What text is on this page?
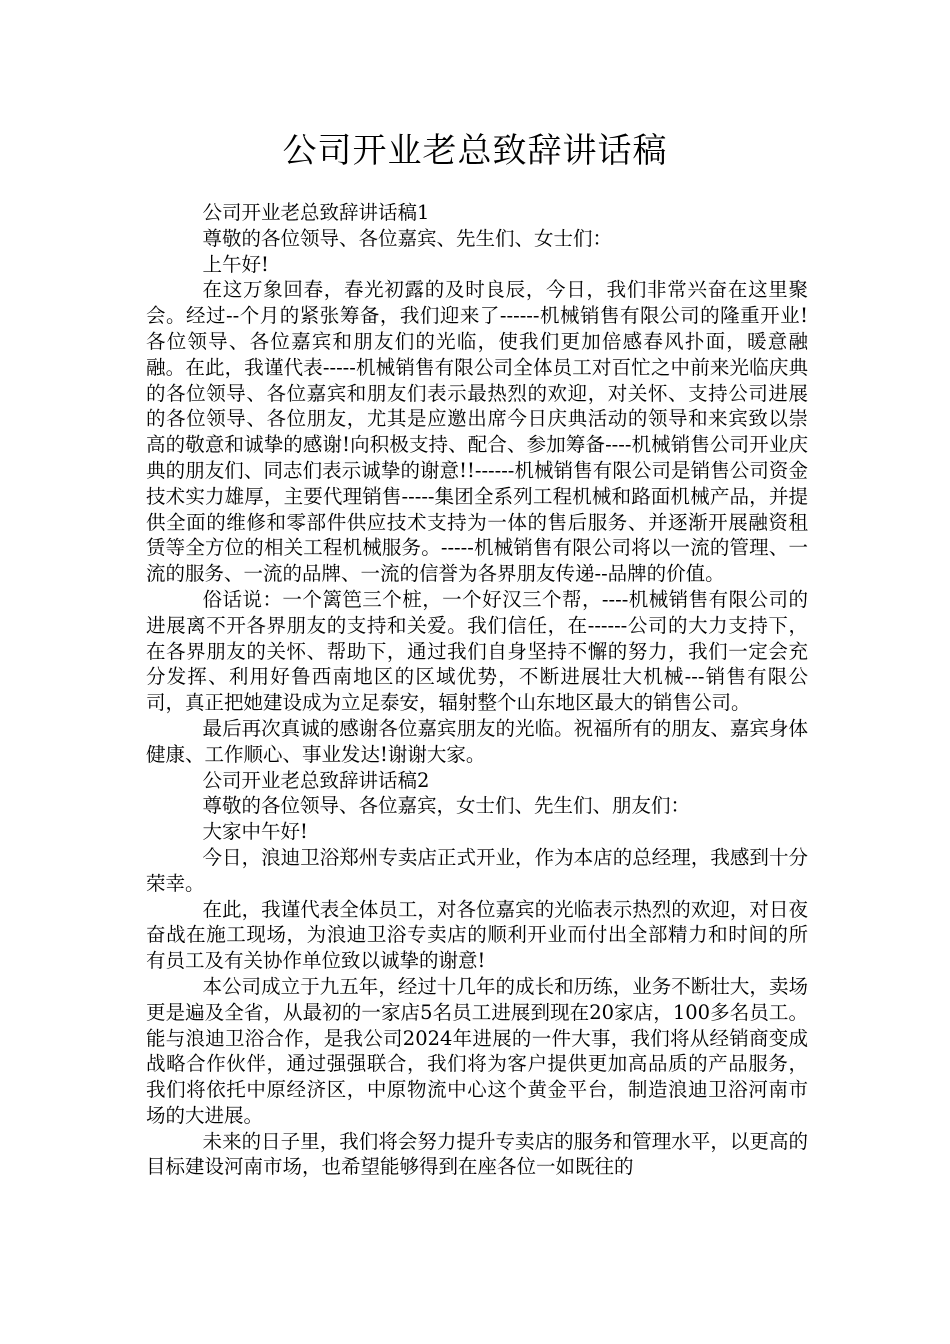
公司开业老总致辞讲话稿

公司开业老总致辞讲话稿1

尊敬的各位领导、各位嘉宾、先生们、女士们：

上午好!

在这万象回春，春光初露的及时良辰，今日，我们非常兴奋在这里聚会。经过--个月的紧张筹备，我们迎来了------机械销售有限公司的隆重开业!各位领导、各位嘉宾和朋友们的光临，使我们更加倍感春风扑面，暖意融融。在此，我谨代表-----机械销售有限公司全体员工对百忙之中前来光临庆典的各位领导、各位嘉宾和朋友们表示最热烈的欢迎，对关怀、支持公司进展的各位领导、各位朋友，尤其是应邀出席今日庆典活动的领导和来宾致以崇高的敬意和诚挚的感谢!向积极支持、配合、参加筹备----机械销售公司开业庆典的朋友们、同志们表示诚挚的谢意!!------机械销售有限公司是销售公司资金技术实力雄厚，主要代理销售-----集团全系列工程机械和路面机械产品，并提供全面的维修和零部件供应技术支持为一体的售后服务、并逐渐开展融资租赁等全方位的相关工程机械服务。-----机械销售有限公司将以一流的管理、一流的服务、一流的品牌、一流的信誉为各界朋友传递--品牌的价值。

俗话说：一个篱笆三个桩，一个好汉三个帮，----机械销售有限公司的进展离不开各界朋友的支持和关爱。我们信任，在------公司的大力支持下，在各界朋友的关怀、帮助下，通过我们自身坚持不懈的努力，我们一定会充分发挥、利用好鲁西南地区的区域优势，不断进展壮大机械---销售有限公司，真正把她建设成为立足泰安，辐射整个山东地区最大的销售公司。

最后再次真诚的感谢各位嘉宾朋友的光临。祝福所有的朋友、嘉宾身体健康、工作顺心、事业发达!谢谢大家。

公司开业老总致辞讲话稿2

尊敬的各位领导、各位嘉宾，女士们、先生们、朋友们：

大家中午好!

今日，浪迪卫浴郑州专卖店正式开业，作为本店的总经理，我感到十分荣幸。

在此，我谨代表全体员工，对各位嘉宾的光临表示热烈的欢迎，对日夜奋战在施工现场，为浪迪卫浴专卖店的顺利开业而付出全部精力和时间的所有员工及有关协作单位致以诚挚的谢意!

本公司成立于九五年，经过十几年的成长和历练，业务不断壮大，卖场更是遍及全省，从最初的一家店5名员工进展到现在20家店，100多名员工。能与浪迪卫浴合作，是我公司2024年进展的一件大事，我们将从经销商变成战略合作伙伴，通过强强联合，我们将为客户提供更加高品质的产品服务，我们将依托中原经济区，中原物流中心这个黄金平台，制造浪迪卫浴河南市场的大进展。

未来的日子里，我们将会努力提升专卖店的服务和管理水平，以更高的目标建设河南市场，也希望能够得到在座各位一如既往的
